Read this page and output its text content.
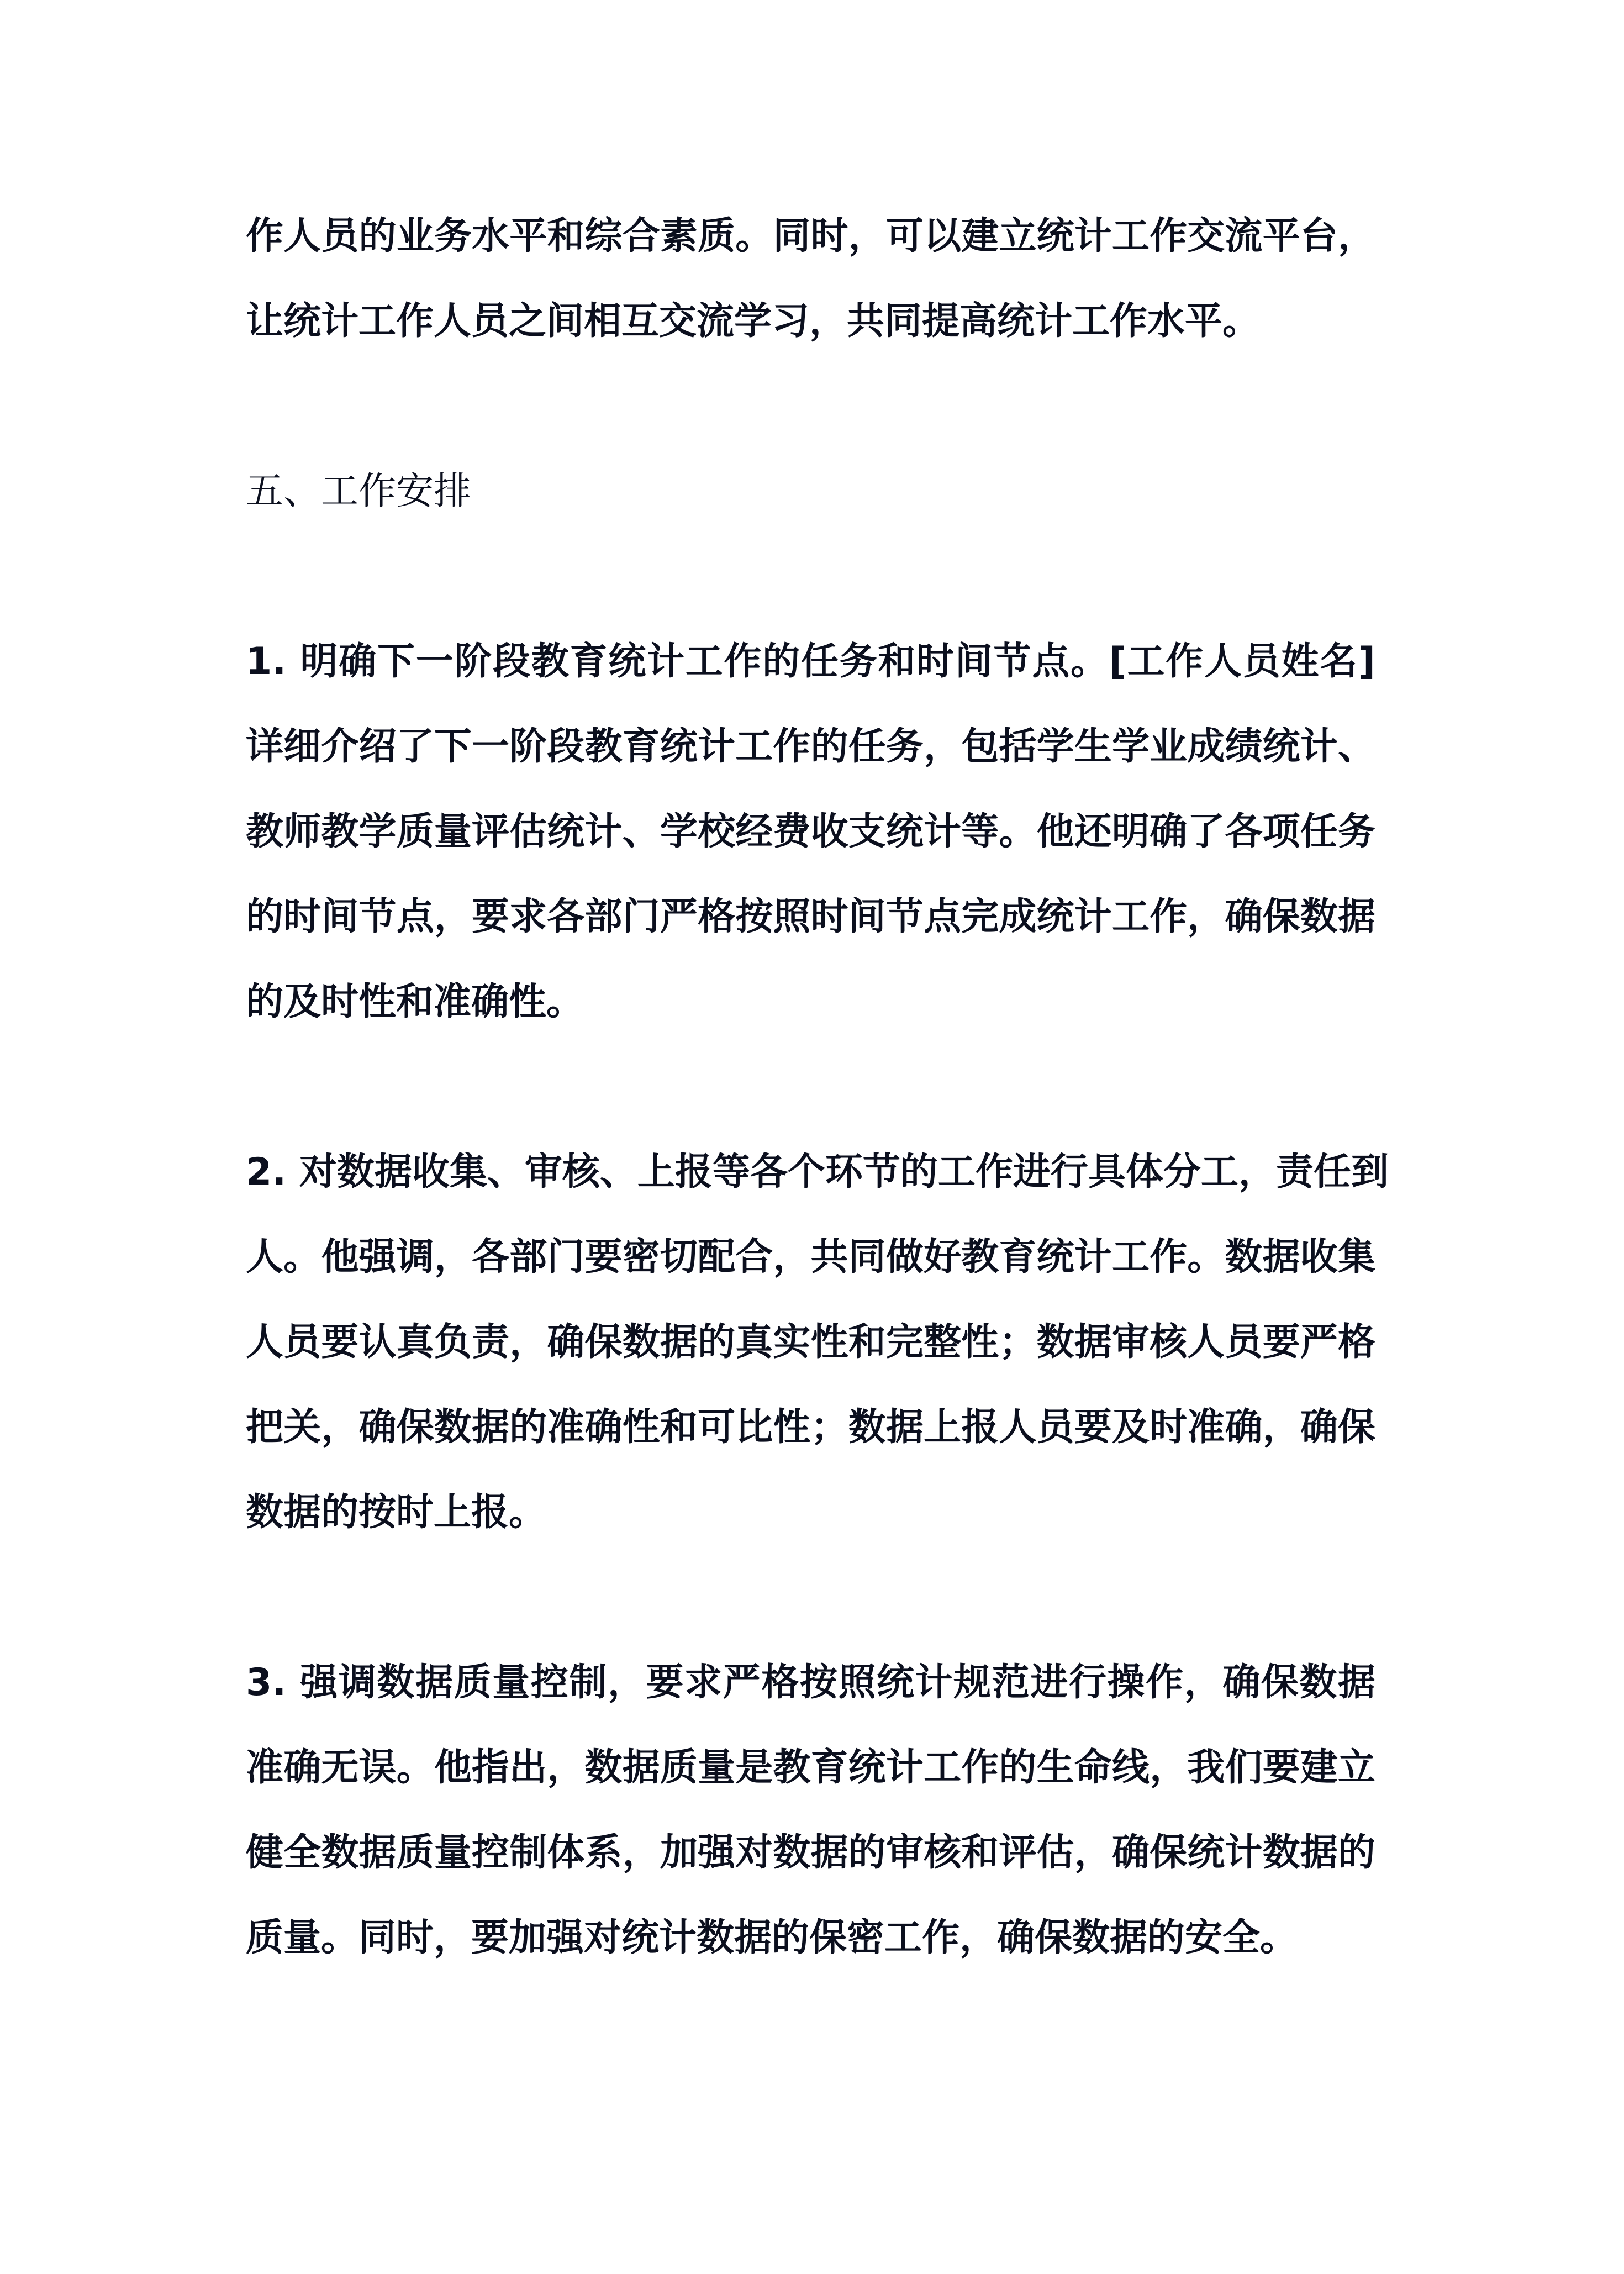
作人员的业务水平和综合素质。同时，可以建立统计工作交流平台，
让统计工作人员之间相互交流学习，共同提高统计工作水平。
五、工作安排
1. 明确下一阶段教育统计工作的任务和时间节点。[工作人员姓名]
详细介绍了下一阶段教育统计工作的任务，包括学生学业成绩统计、
教师教学质量评估统计、学校经费收支统计等。他还明确了各项任务
的时间节点，要求各部门严格按照时间节点完成统计工作，确保数据
的及时性和准确性。
2. 对数据收集、审核、上报等各个环节的工作进行具体分工，责任到
人。他强调，各部门要密切配合，共同做好教育统计工作。数据收集
人员要认真负责，确保数据的真实性和完整性；数据审核人员要严格
把关，确保数据的准确性和可比性；数据上报人员要及时准确，确保
数据的按时上报。
3. 强调数据质量控制，要求严格按照统计规范进行操作，确保数据
准确无误。他指出，数据质量是教育统计工作的生命线，我们要建立
健全数据质量控制体系，加强对数据的审核和评估，确保统计数据的
质量。同时，要加强对统计数据的保密工作，确保数据的安全。
